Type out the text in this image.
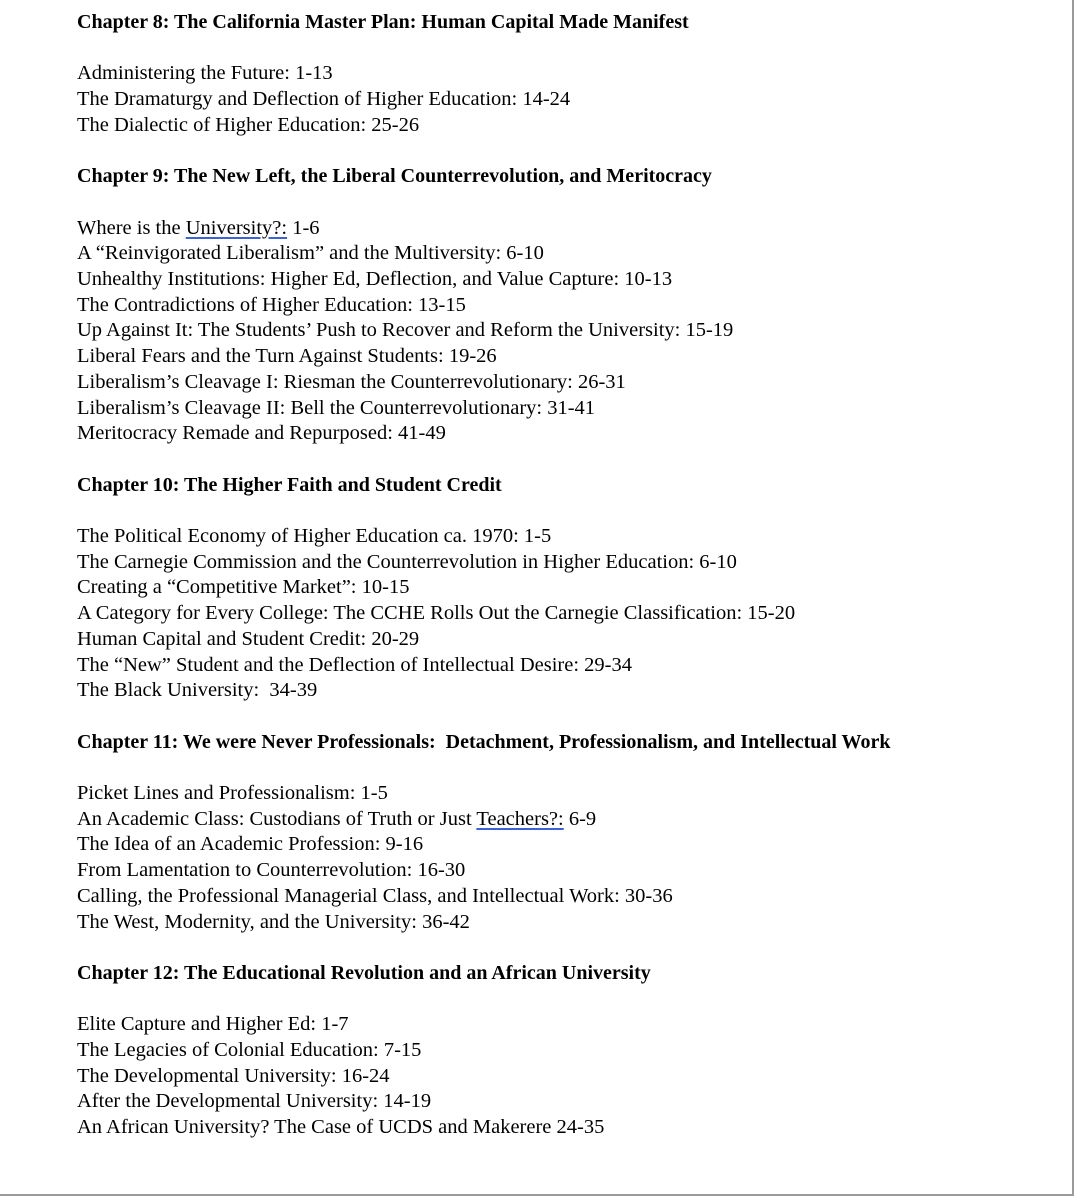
Chapter 8: The California Master Plan: Human Capital Made Manifest

Administering the Future: 1-13

The Dramaturgy and Deflection of Higher Education: 14-24

The Dialectic of Higher Education: 25-26

Chapter 9: The New Left, the Liberal Counterrevolution, and Meritocracy

Where is the University?: 1-6

A “Reinvigorated Liberalism” and the Multiversity: 6-10

Unhealthy Institutions: Higher Ed, Deflection, and Value Capture: 10-13

The Contradictions of Higher Education: 13-15

Up Against It: The Students’ Push to Recover and Reform the University: 15-19

Liberal Fears and the Turn Against Students: 19-26

Liberalism’s Cleavage I: Riesman the Counterrevolutionary: 26-31

Liberalism’s Cleavage II: Bell the Counterrevolutionary: 31-41

Meritocracy Remade and Repurposed: 41-49

Chapter 10: The Higher Faith and Student Credit

The Political Economy of Higher Education ca. 1970: 1-5

The Carnegie Commission and the Counterrevolution in Higher Education: 6-10

Creating a “Competitive Market”: 10-15

A Category for Every College: The CCHE Rolls Out the Carnegie Classification: 15-20

Human Capital and Student Credit: 20-29

The “New” Student and the Deflection of Intellectual Desire: 29-34

The Black University:  34-39

Chapter 11: We were Never Professionals:  Detachment, Professionalism, and Intellectual Work

Picket Lines and Professionalism: 1-5

An Academic Class: Custodians of Truth or Just Teachers?: 6-9

The Idea of an Academic Profession: 9-16

From Lamentation to Counterrevolution: 16-30

Calling, the Professional Managerial Class, and Intellectual Work: 30-36

The West, Modernity, and the University: 36-42

Chapter 12: The Educational Revolution and an African University

Elite Capture and Higher Ed: 1-7

The Legacies of Colonial Education: 7-15

The Developmental University: 16-24

After the Developmental University: 14-19

An African University? The Case of UCDS and Makerere 24-35
